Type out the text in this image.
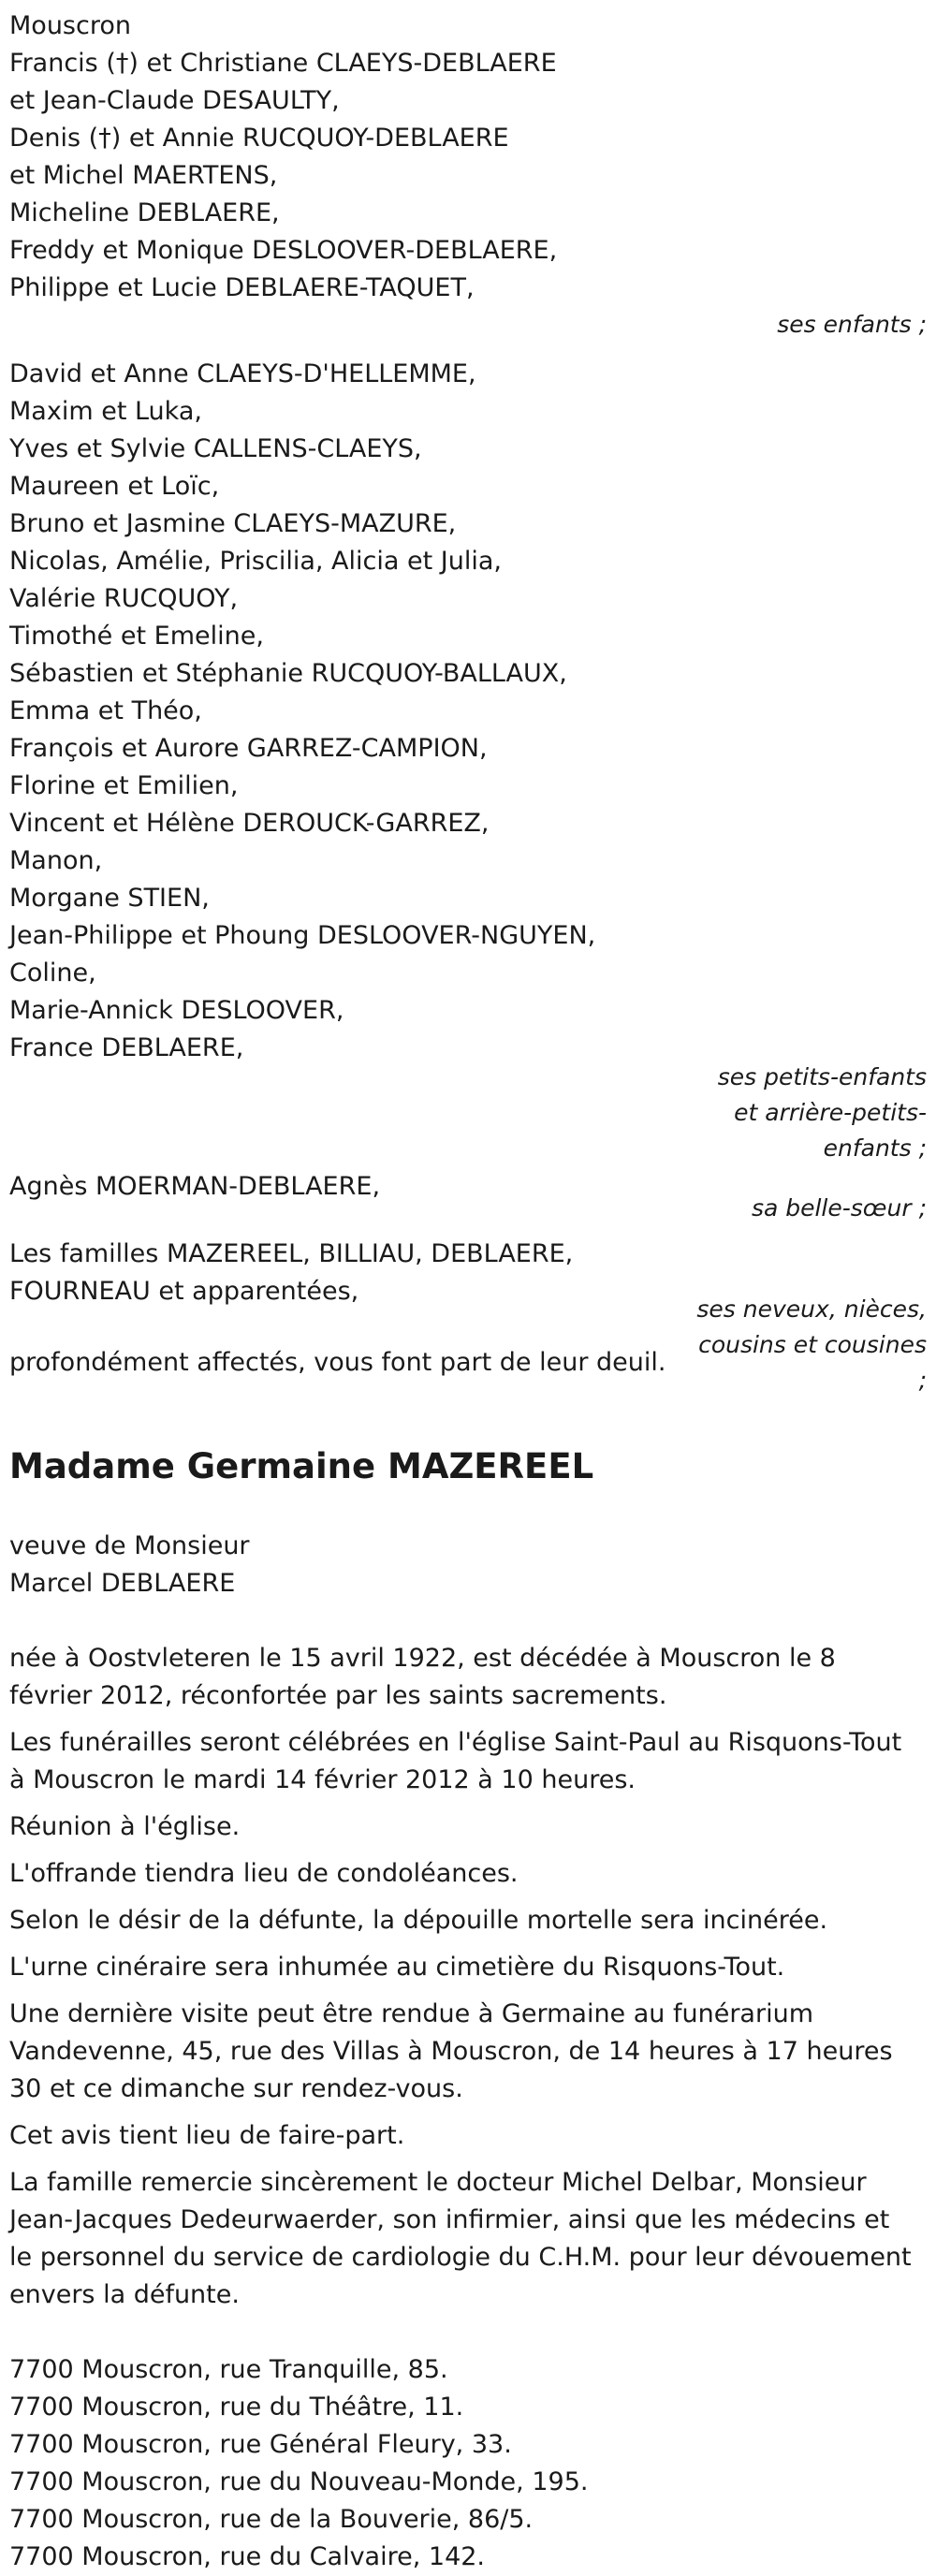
Mouscron
Francis (†) et Christiane CLAEYS-DEBLAERE
et Jean-Claude DESAULTY,
Denis (†) et Annie RUCQUOY-DEBLAERE
et Michel MAERTENS,
Micheline DEBLAERE,
Freddy et Monique DESLOOVER-DEBLAERE,
Philippe et Lucie DEBLAERE-TAQUET,
ses enfants ;
David et Anne CLAEYS-D'HELLEMME,
Maxim et Luka,
Yves et Sylvie CALLENS-CLAEYS,
Maureen et Loïc,
Bruno et Jasmine CLAEYS-MAZURE,
Nicolas, Amélie, Priscilia, Alicia et Julia,
Valérie RUCQUOY,
Timothé et Emeline,
Sébastien et Stéphanie RUCQUOY-BALLAUX,
Emma et Théo,
François et Aurore GARREZ-CAMPION,
Florine et Emilien,
Vincent et Hélène DEROUCK-GARREZ,
Manon,
Morgane STIEN,
Jean-Philippe et Phoung DESLOOVER-NGUYEN,
Coline,
Marie-Annick DESLOOVER,
France DEBLAERE,
ses petits-enfants
et arrière-petits-
enfants ;
Agnès MOERMAN-DEBLAERE,
sa belle-sœur ;
Les familles MAZEREEL, BILLIAU, DEBLAERE,
FOURNEAU et apparentées,
ses neveux, nièces,
cousins et cousines
;
profondément affectés, vous font part de leur deuil.
Madame Germaine MAZEREEL
veuve de Monsieur
Marcel DEBLAERE

née à Oostvleteren le 15 avril 1922, est décédée à Mouscron le 8 février 2012, réconfortée par les saints sacrements.

Les funérailles seront célébrées en l'église Saint-Paul au Risquons-Tout à Mouscron le mardi 14 février 2012 à 10 heures.

Réunion à l'église.

L'offrande tiendra lieu de condoléances.

Selon le désir de la défunte, la dépouille mortelle sera incinérée.

L'urne cinéraire sera inhumée au cimetière du Risquons-Tout.

Une dernière visite peut être rendue à Germaine au funérarium Vandevenne, 45, rue des Villas à Mouscron, de 14 heures à 17 heures 30 et ce dimanche sur rendez-vous.

Cet avis tient lieu de faire-part.

La famille remercie sincèrement le docteur Michel Delbar, Monsieur Jean-Jacques Dedeurwaerder, son infirmier, ainsi que les médecins et le personnel du service de cardiologie du C.H.M. pour leur dévouement envers la défunte.

7700 Mouscron, rue Tranquille, 85.
7700 Mouscron, rue du Théâtre, 11.
7700 Mouscron, rue Général Fleury, 33.
7700 Mouscron, rue du Nouveau-Monde, 195.
7700 Mouscron, rue de la Bouverie, 86/5.
7700 Mouscron, rue du Calvaire, 142.
